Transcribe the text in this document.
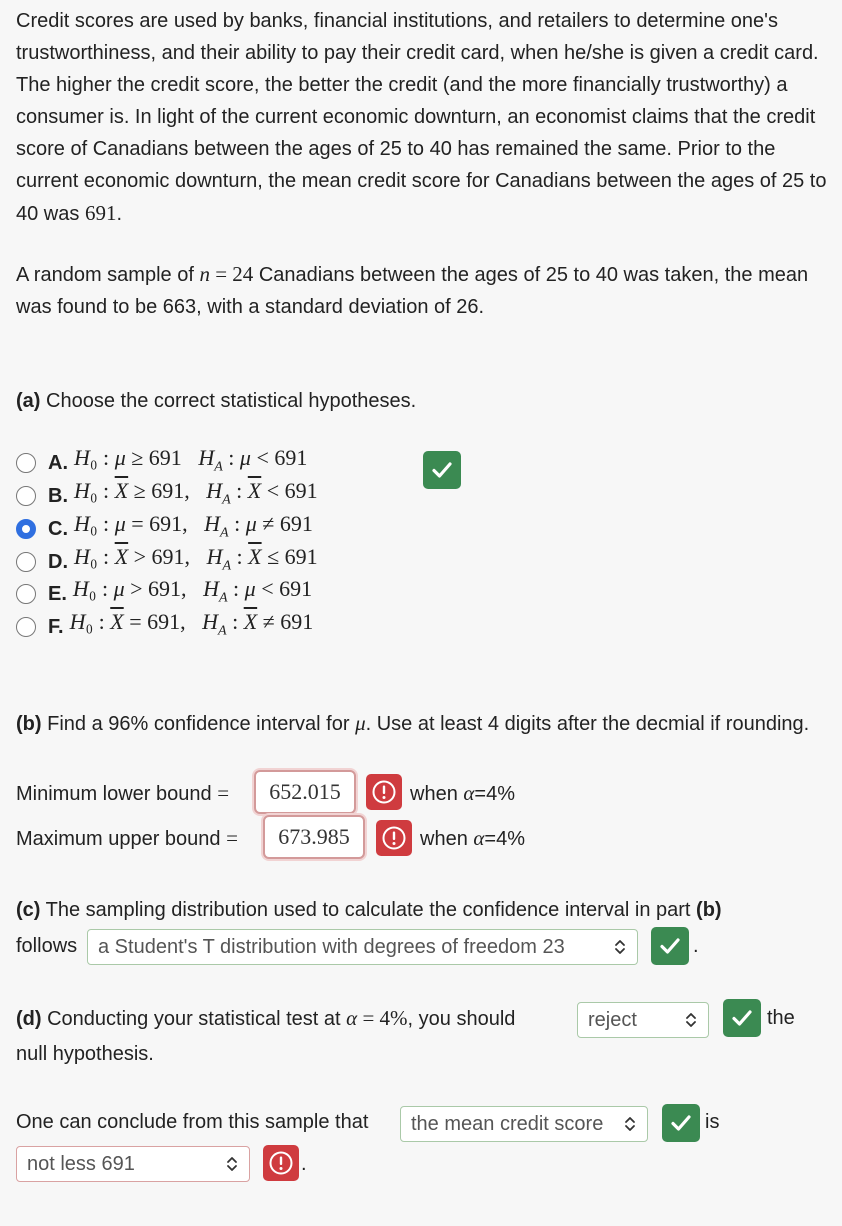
Credit scores are used by banks, financial institutions, and retailers to determine one's trustworthiness, and their ability to pay their credit card, when he/she is given a credit card. The higher the credit score, the better the credit (and the more financially trustworthy) a consumer is. In light of the current economic downturn, an economist claims that the credit score of Canadians between the ages of 25 to 40 has remained the same. Prior to the current economic downturn, the mean credit score for Canadians between the ages of 25 to 40 was 691.

A random sample of n = 24 Canadians between the ages of 25 to 40 was taken, the mean was found to be 663, with a standard deviation of 26.

(a) Choose the correct statistical hypotheses.

A. H₀ : μ ≥ 691   $H_A$ : μ < 691
B. H₀ : $\overline{X} \ge 691$,   $H_A$ : $\overline{X} < 691$
C. H₀ : μ = 691,   $H_A$ : μ ≠ 691
D. H₀ : $\overline{X} > 691$,   $H_A$ : $\overline{X} \le 691$
E. H₀ : μ > 691,   $H_A$ : μ < 691
F. H₀ : $\overline{X} = 691$,   $H_A$ : $\overline{X} \ne 691$

(b) Find a 96% confidence interval for μ. Use at least 4 digits after the decmial if rounding.

Minimum lower bound =
652.015	when α=4%
Maximum upper bound =
673.985	when α=4%
(c) The sampling distribution used to calculate the confidence interval in part (b)
follows a Student's T distribution with degrees of freedom 23	.
(d) Conducting your statistical test at α = 4%, you should	reject	the
null hypothesis.
One can conclude from this sample that the mean credit score	is
not less 691	.
